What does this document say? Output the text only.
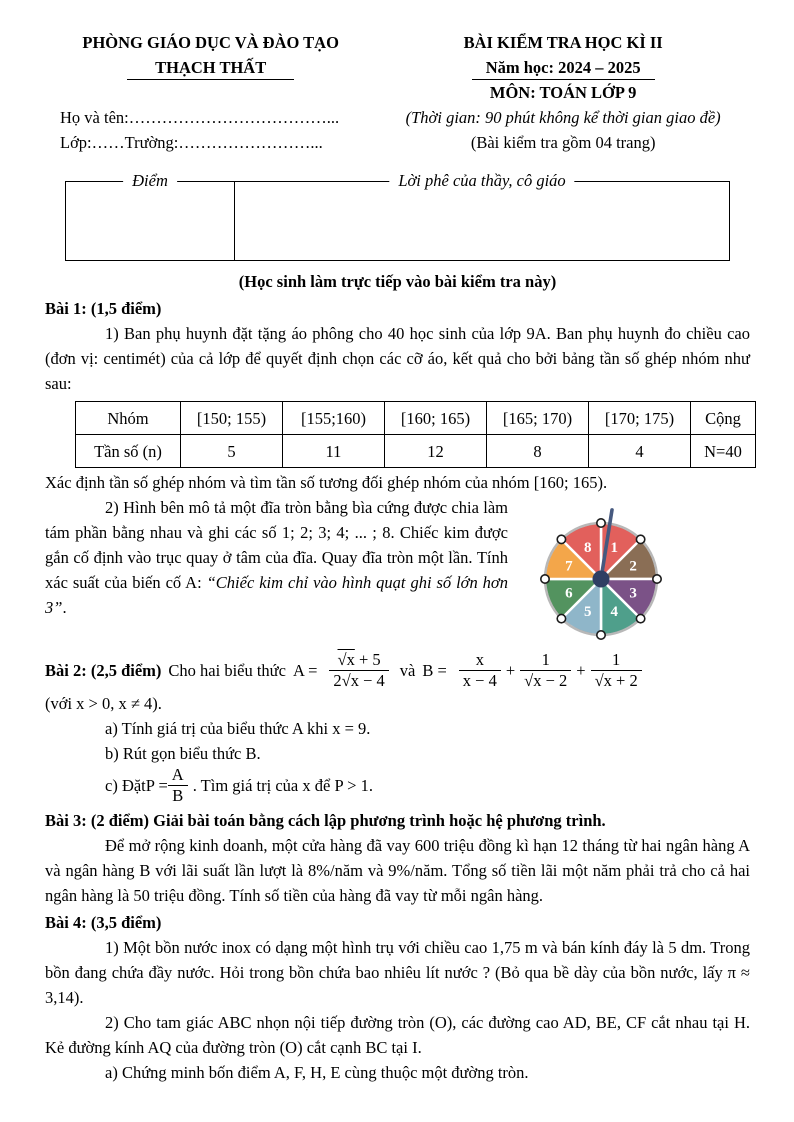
PHÒNG GIÁO DỤC VÀ ĐÀO TẠO
THẠCH THẤT
Họ và tên:………………………………...
Lớp:……Trường:……………………...
BÀI KIỂM TRA HỌC KÌ II
Năm học: 2024 – 2025
MÔN: TOÁN LỚP 9
(Thời gian: 90 phút không kể thời gian giao đề)
(Bài kiểm tra gồm 04 trang)
Điểm	Lời phê của thầy, cô giáo
(Học sinh làm trực tiếp vào bài kiểm tra này)
Bài 1: (1,5 điểm)

1) Ban phụ huynh đặt tặng áo phông cho 40 học sinh của lớp 9A. Ban phụ huynh đo chiều cao (đơn vị: centimét) của cả lớp để quyết định chọn các cỡ áo, kết quả cho bởi bảng tần số ghép nhóm như sau:

Nhóm	[150; 155)	[155;160)	[160; 165)	[165; 170)	[170; 175)	Cộng
Tần số (n)	5	11	12	8	4	N=40

Xác định tần số ghép nhóm và tìm tần số tương đối ghép nhóm của nhóm [160; 165).

1
2
3
4
5
6
7
8

2) Hình bên mô tả một đĩa tròn bằng bìa cứng được chia làm tám phần bằng nhau và ghi các số 1; 2; 3; 4; ... ; 8. Chiếc kim được gắn cố định vào trục quay ở tâm của đĩa. Quay đĩa tròn một lần. Tính xác suất của biến cố A: “Chiếc kim chỉ vào hình quạt ghi số lớn hơn 3”.

Bài 2: (2,5 điểm) Cho hai biểu thức $A = \frac{√x + 5}{2√x - 4}$ và $B = \frac{x}{x - 4} + \frac{1}{√x - 2} + \frac{1}{√x + 2}$

(với x > 0, x ≠ 4).

a) Tính giá trị của biểu thức A khi x = 9.

b) Rút gọn biểu thức B.

c) Đặt $P = \frac{A}{B}$ . Tìm giá trị của x để P > 1.
Bài 3: (2 điểm) Giải bài toán bằng cách lập phương trình hoặc hệ phương trình.

Để mở rộng kinh doanh, một cửa hàng đã vay 600 triệu đồng kì hạn 12 tháng từ hai ngân hàng A và ngân hàng B với lãi suất lần lượt là 8%/năm và 9%/năm. Tổng số tiền lãi một năm phải trả cho cả hai ngân hàng là 50 triệu đồng. Tính số tiền của hàng đã vay từ mỗi ngân hàng.

Bài 4: (3,5 điểm)

1) Một bồn nước inox có dạng một hình trụ với chiều cao 1,75 m và bán kính đáy là 5 dm. Trong bồn đang chứa đầy nước. Hỏi trong bồn chứa bao nhiêu lít nước ? (Bỏ qua bề dày của bồn nước, lấy π ≈ 3,14).

2) Cho tam giác ABC nhọn nội tiếp đường tròn (O), các đường cao AD, BE, CF cắt nhau tại H. Kẻ đường kính AQ của đường tròn (O) cắt cạnh BC tại I.

a) Chứng minh bốn điểm A, F, H, E cùng thuộc một đường tròn.
